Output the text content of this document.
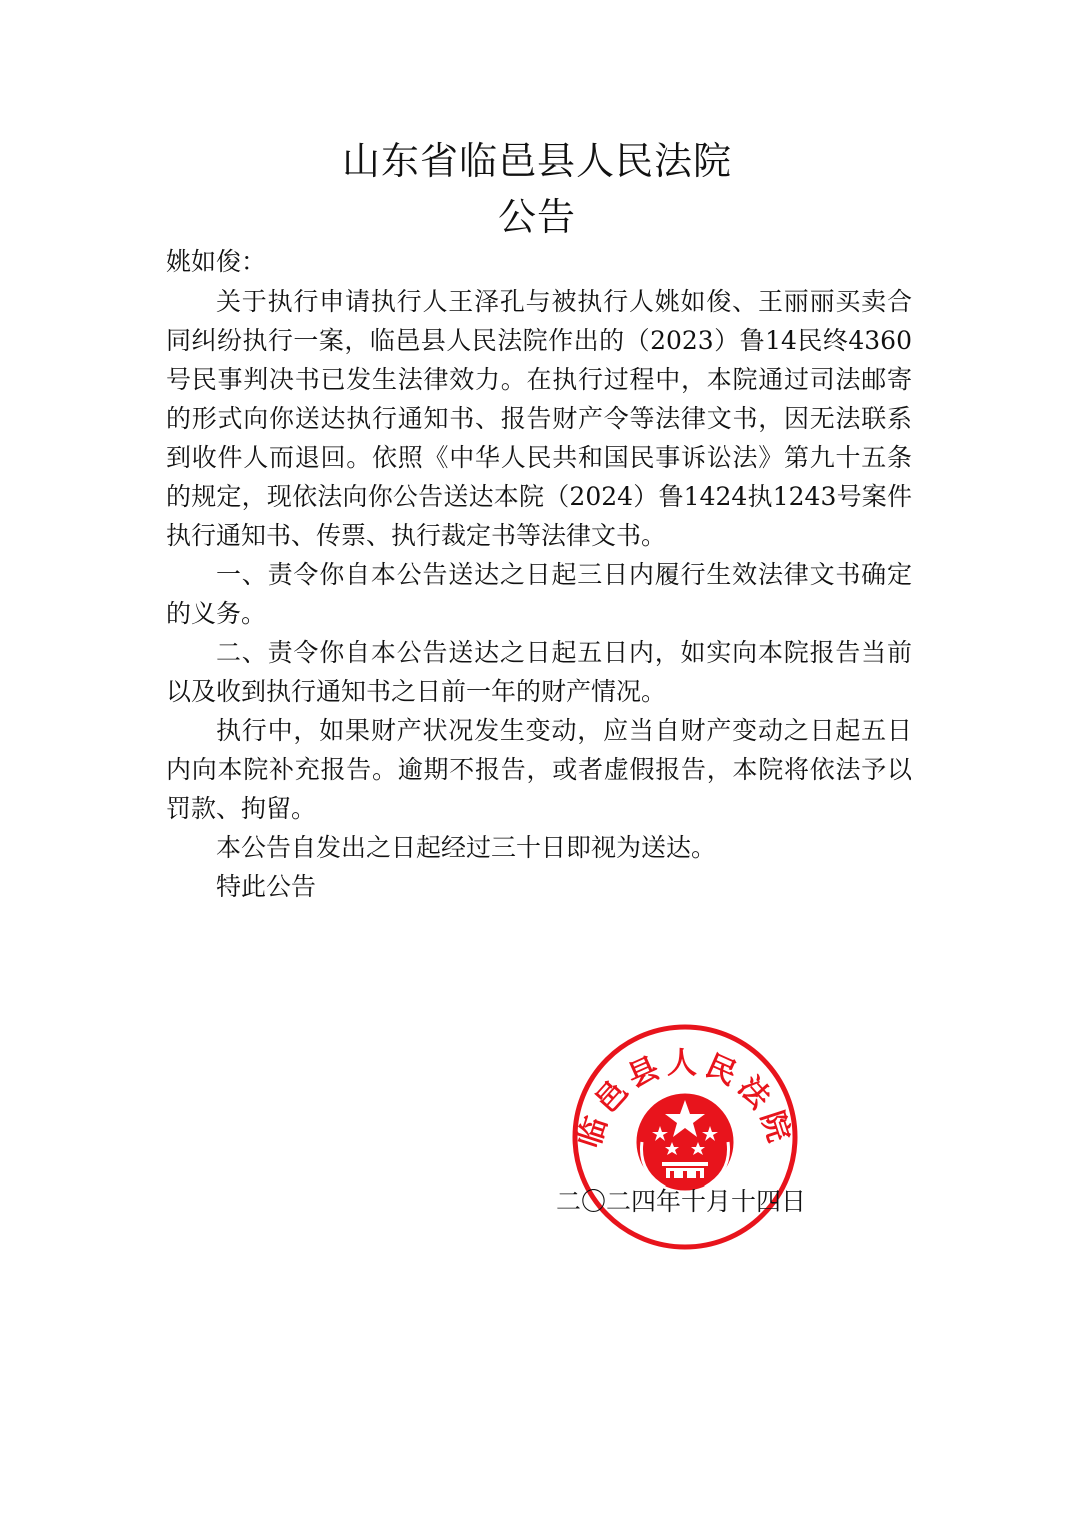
山东省临邑县人民法院
公告
姚如俊：

关于执行申请执行人王泽孔与被执行人姚如俊、王丽丽买卖合同纠纷执行一案，临邑县人民法院作出的（2023）鲁14民终4360号民事判决书已发生法律效力。在执行过程中，本院通过司法邮寄的形式向你送达执行通知书、报告财产令等法律文书，因无法联系到收件人而退回。依照《中华人民共和国民事诉讼法》第九十五条的规定，现依法向你公告送达本院（2024）鲁1424执1243号案件执行通知书、传票、执行裁定书等法律文书。

一、责令你自本公告送达之日起三日内履行生效法律文书确定的义务。

二、责令你自本公告送达之日起五日内，如实向本院报告当前以及收到执行通知书之日前一年的财产情况。

执行中，如果财产状况发生变动，应当自财产变动之日起五日内向本院补充报告。逾期不报告，或者虚假报告，本院将依法予以罚款、拘留。

本公告自发出之日起经过三十日即视为送达。

特此公告

临邑县人民法院
二〇二四年十月十四日
